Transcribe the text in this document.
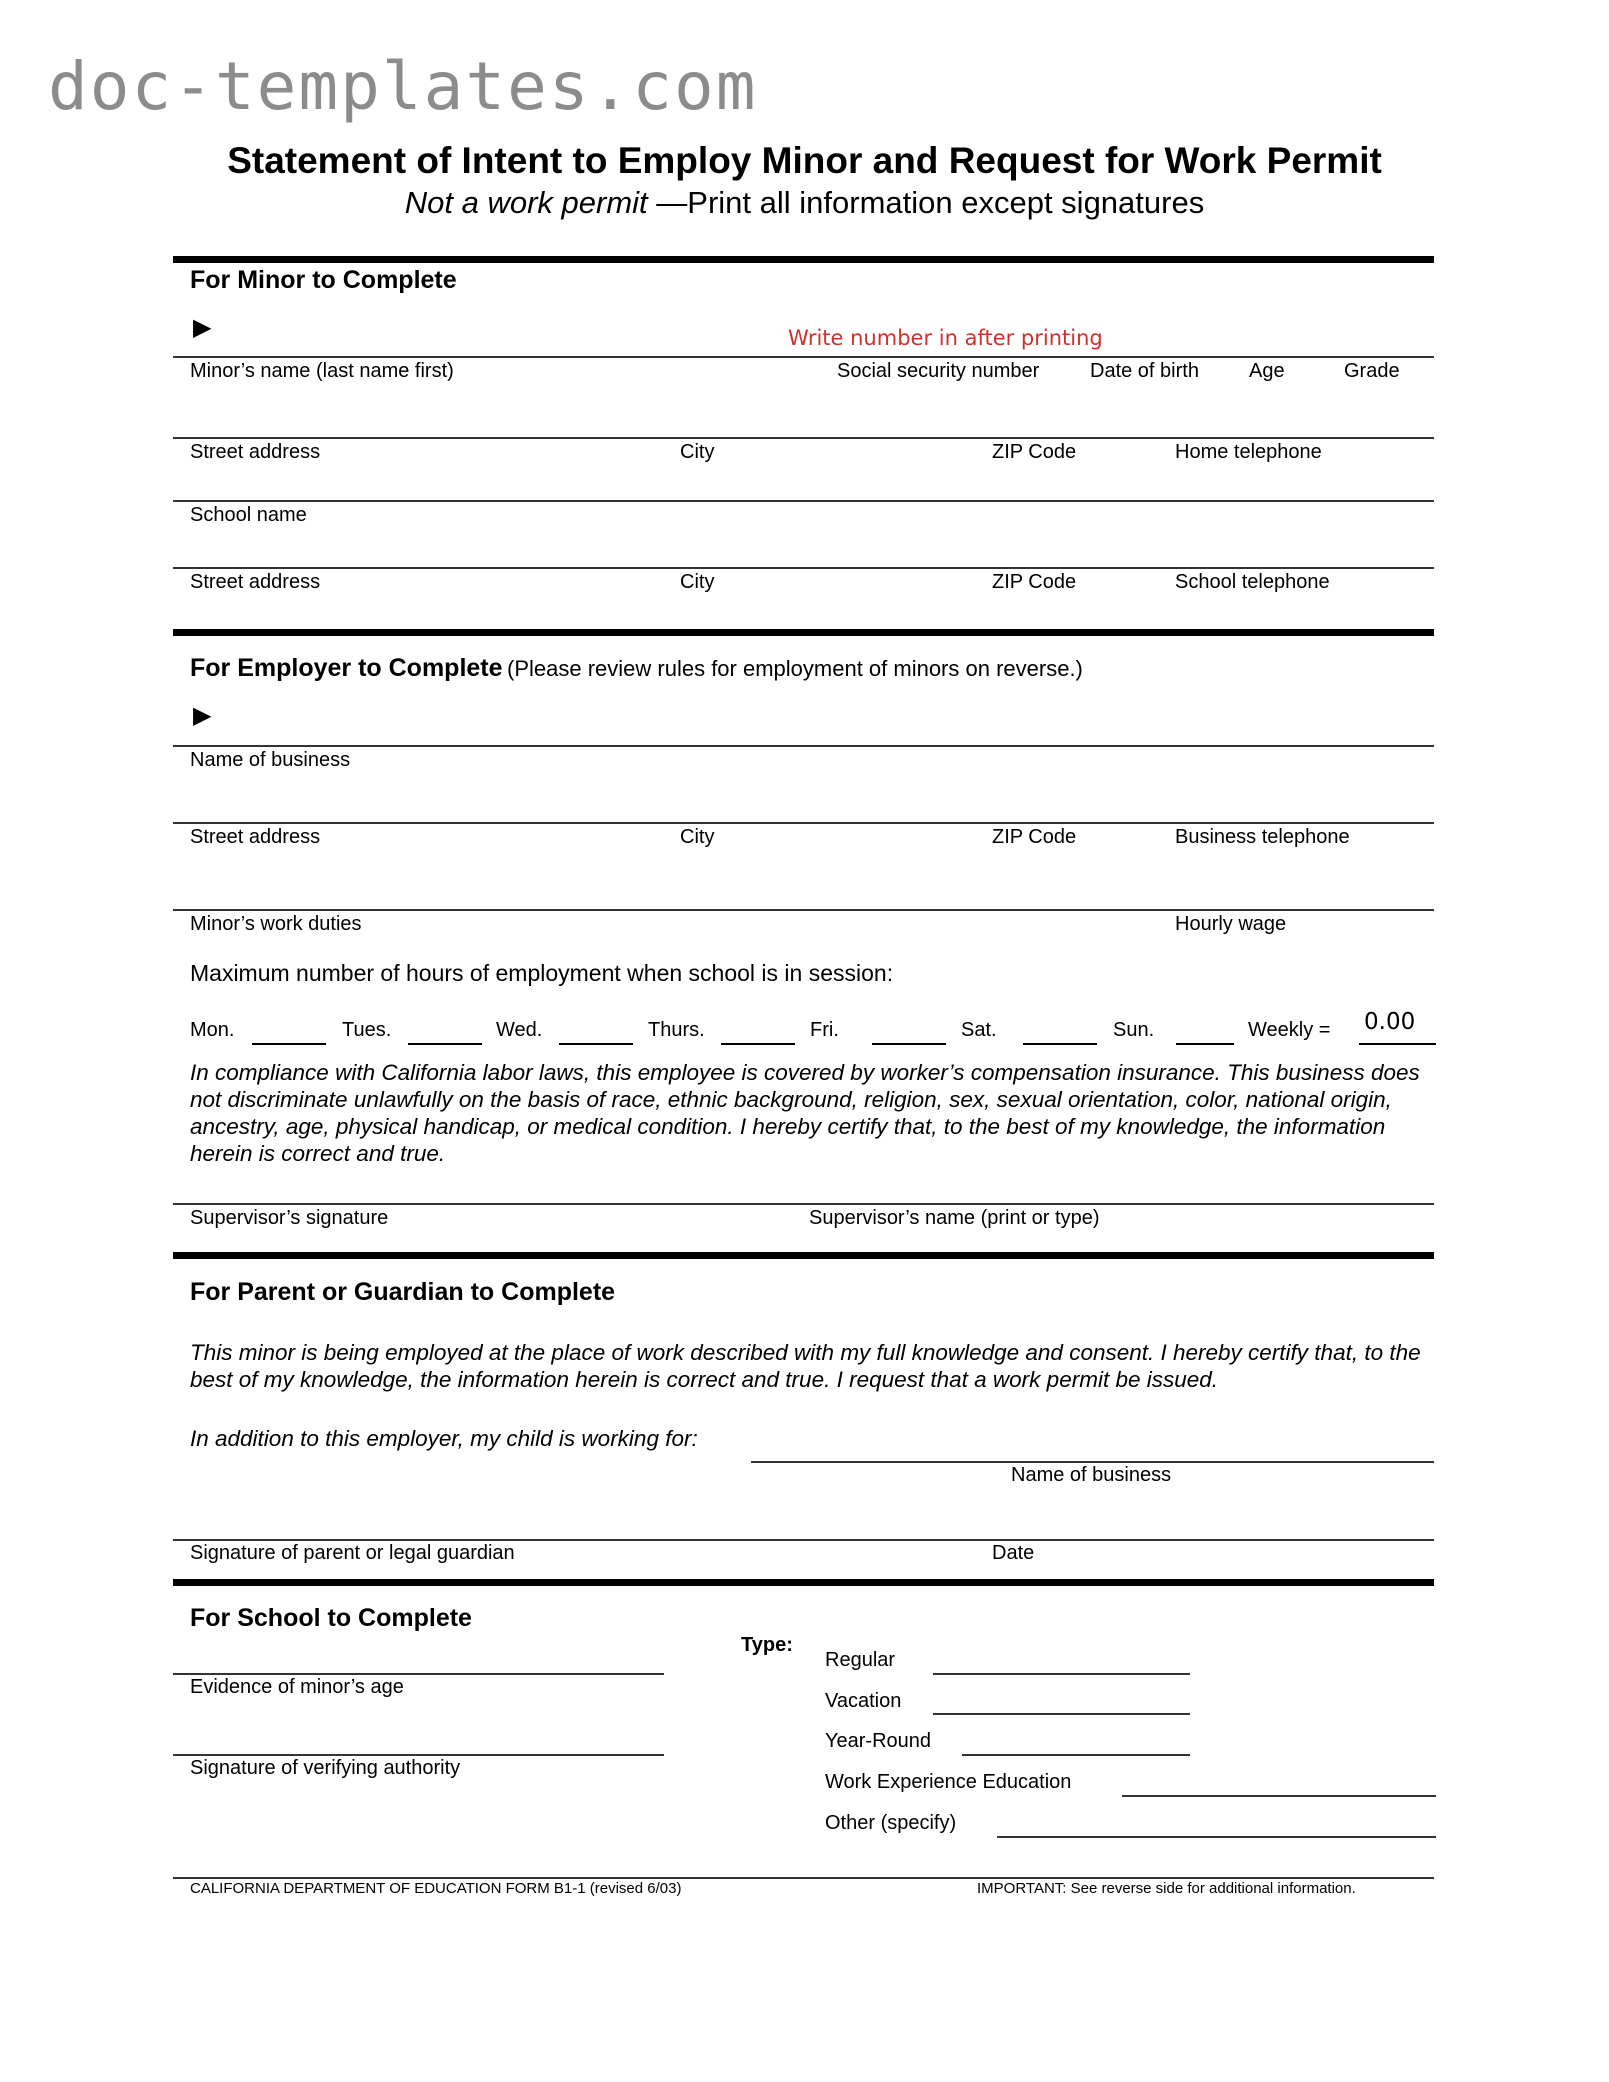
doc-templates.com
Statement of Intent to Employ Minor and Request for Work Permit
Not a work permit —Print all information except signatures
For Minor to Complete
▶	Write number in after printing
Minor’s name (last name first)	Social security number	Date of birth	Age	Grade
Street address	City	ZIP Code	Home telephone
School name
Street address	City	ZIP Code	School telephone
For Employer to Complete (Please review rules for employment of minors on reverse.)
▶
Name of business
Street address	City	ZIP Code	Business telephone
Minor’s work duties	Hourly wage
Maximum number of hours of employment when school is in session:
Mon.	Tues.	Wed.	Thurs.	Fri.	Sat.	Sun.	Weekly = 0.00
In compliance with California labor laws, this employee is covered by worker’s compensation insurance. This business does not discriminate unlawfully on the basis of race, ethnic background, religion, sex, sexual orientation, color, national origin, ancestry, age, physical handicap, or medical condition. I hereby certify that, to the best of my knowledge, the information herein is correct and true.
Supervisor’s signature	Supervisor’s name (print or type)
For Parent or Guardian to Complete
This minor is being employed at the place of work described with my full knowledge and consent. I hereby certify that, to the best of my knowledge, the information herein is correct and true. I request that a work permit be issued.
In addition to this employer, my child is working for:
Name of business
Signature of parent or legal guardian	Date
For School to Complete
Evidence of minor’s age
Signature of verifying authority
Type:
Regular
Vacation
Year-Round
Work Experience Education
Other (specify)
CALIFORNIA DEPARTMENT OF EDUCATION FORM B1-1 (revised 6/03)	IMPORTANT: See reverse side for additional information.
